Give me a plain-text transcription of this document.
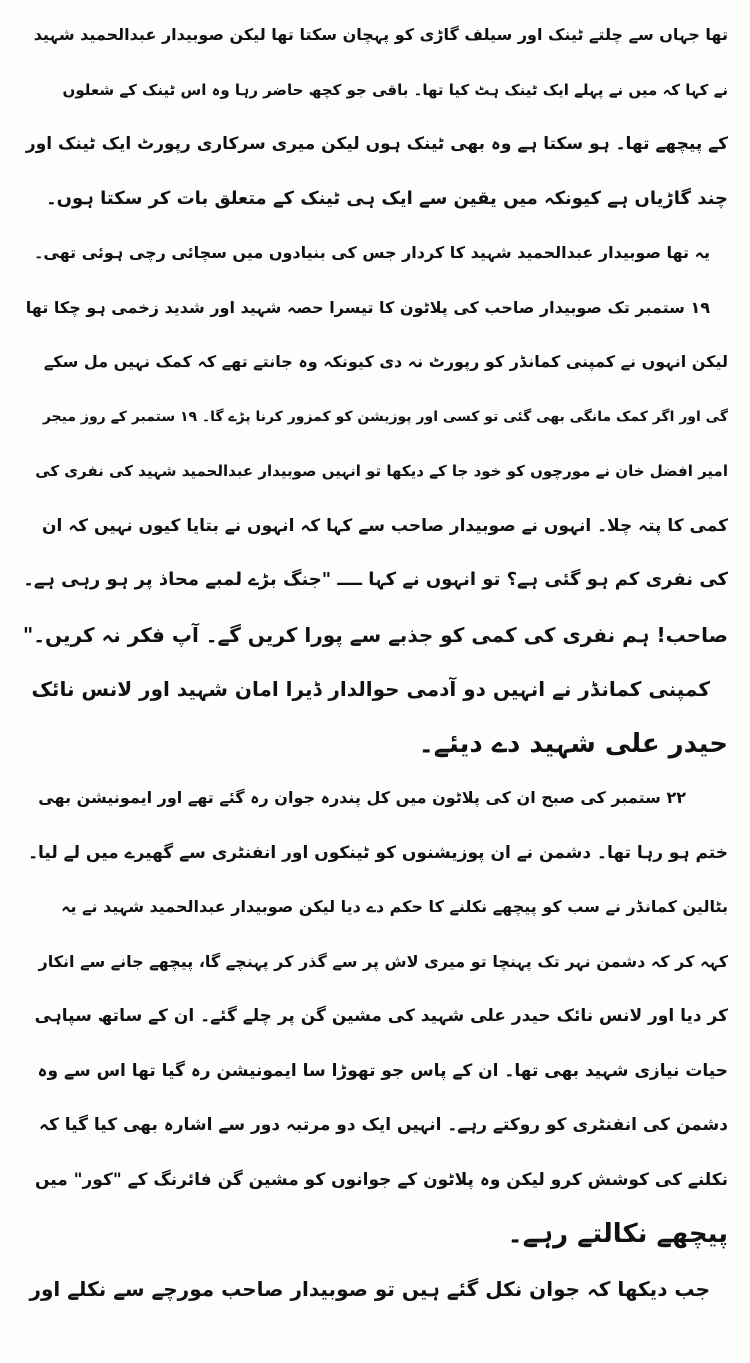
تھا جہاں سے چلتے ٹینک اور سیلف گاڑی کو پہچان سکتا تھا لیکن صوبیدار عبدالحمید شہید
نے کہا کہ میں نے پہلے ایک ٹینک ہٹ کیا تھا۔ باقی جو کچھ حاضر رہا وہ اس ٹینک کے شعلوں
کے پیچھے تھا۔ ہو سکتا ہے وہ بھی ٹینک ہوں لیکن میری سرکاری رپورٹ ایک ٹینک اور
چند گاڑیاں ہے کیونکہ میں یقین سے ایک ہی ٹینک کے متعلق بات کر سکتا ہوں۔
یہ تھا صوبیدار عبدالحمید شہید کا کردار جس کی بنیادوں میں سچائی رچی ہوئی تھی۔
۱۹ ستمبر تک صوبیدار صاحب کی پلاٹون کا تیسرا حصہ شہید اور شدید زخمی ہو چکا تھا
لیکن انہوں نے کمپنی کمانڈر کو رپورٹ نہ دی کیونکہ وہ جانتے تھے کہ کمک نہیں مل سکے
گی اور اگر کمک مانگی بھی گئی تو کسی اور پوزیشن کو کمزور کرنا پڑے گا۔ ۱۹ ستمبر کے روز میجر
امیر افضل خان نے مورچوں کو خود جا کے دیکھا تو انہیں صوبیدار عبدالحمید شہید کی نفری کی
کمی کا پتہ چلا۔ انہوں نے صوبیدار صاحب سے کہا کہ انہوں نے بتایا کیوں نہیں کہ ان
کی نفری کم ہو گئی ہے؟ تو انہوں نے کہا ــــ "جنگ بڑے لمبے محاذ پر ہو رہی ہے۔
صاحب! ہم نفری کی کمی کو جذبے سے پورا کریں گے۔ آپ فکر نہ کریں۔"
کمپنی کمانڈر نے انہیں دو آدمی حوالدار ڈیرا امان شہید اور لانس نائک
حیدر علی شہید دے دیئے۔
۲۲ ستمبر کی صبح ان کی پلاٹون میں کل پندرہ جوان رہ گئے تھے اور ایمونیشن بھی
ختم ہو رہا تھا۔ دشمن نے ان پوزیشنوں کو ٹینکوں اور انفنٹری سے گھیرے میں لے لیا۔
بٹالین کمانڈر نے سب کو پیچھے نکلنے کا حکم دے دیا لیکن صوبیدار عبدالحمید شہید نے یہ
کہہ کر کہ دشمن نہر تک پہنچا تو میری لاش پر سے گذر کر پہنچے گا، پیچھے جانے سے انکار
کر دیا اور لانس نائک حیدر علی شہید کی مشین گن پر چلے گئے۔ ان کے ساتھ سپاہی
حیات نیازی شہید بھی تھا۔ ان کے پاس جو تھوڑا سا ایمونیشن رہ گیا تھا اس سے وہ
دشمن کی انفنٹری کو روکتے رہے۔ انہیں ایک دو مرتبہ دور سے اشارہ بھی کیا گیا کہ
نکلنے کی کوشش کرو لیکن وہ پلاٹون کے جوانوں کو مشین گن فائرنگ کے "کور" میں
پیچھے نکالتے رہے۔
جب دیکھا کہ جوان نکل گئے ہیں تو صوبیدار صاحب مورچے سے نکلے اور
